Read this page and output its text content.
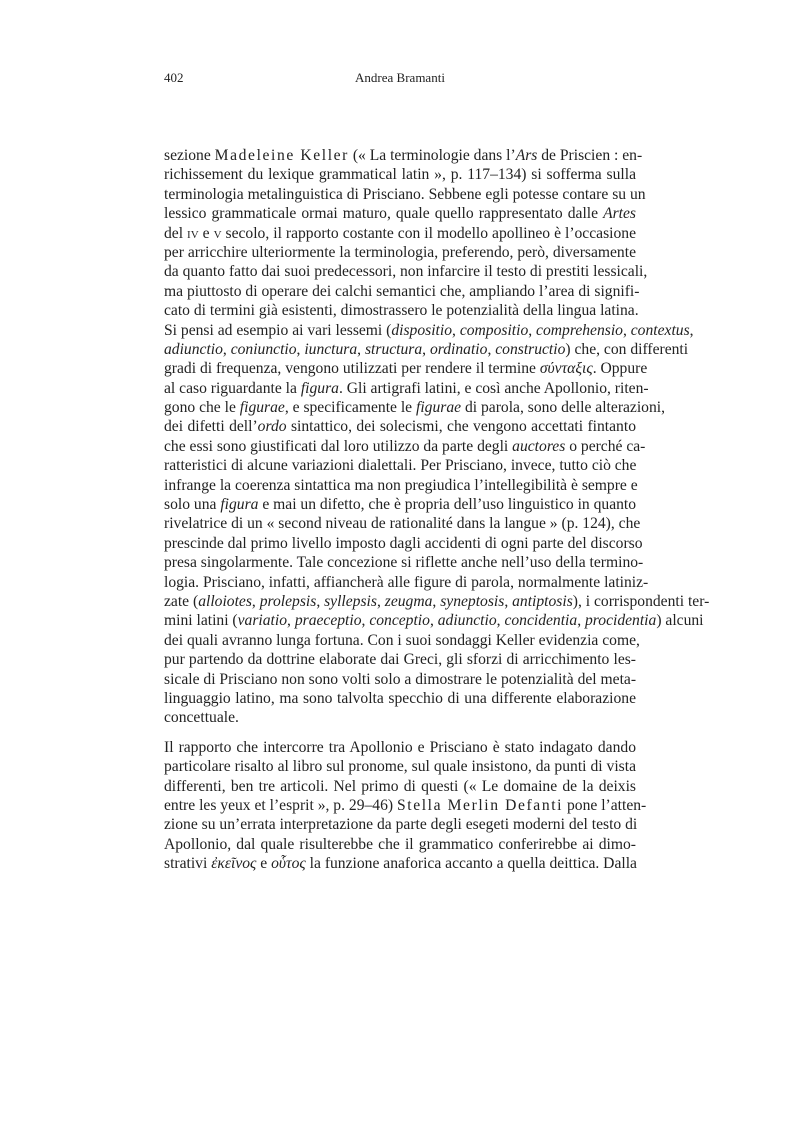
402	Andrea Bramanti
sezione Madeleine Keller (« La terminologie dans l’Ars de Priscien : en-
richissement du lexique grammatical latin », p. 117–134) si sofferma sulla
terminologia metalinguistica di Prisciano. Sebbene egli potesse contare su un
lessico grammaticale ormai maturo, quale quello rappresentato dalle Artes
del iv e v secolo, il rapporto costante con il modello apollineo è l’occasione
per arricchire ulteriormente la terminologia, preferendo, però, diversamente
da quanto fatto dai suoi predecessori, non infarcire il testo di prestiti lessicali,
ma piuttosto di operare dei calchi semantici che, ampliando l’area di signifi-
cato di termini già esistenti, dimostrassero le potenzialità della lingua latina.
Si pensi ad esempio ai vari lessemi (dispositio, compositio, comprehensio, contextus,
adiunctio, coniunctio, iunctura, structura, ordinatio, constructio) che, con differenti
gradi di frequenza, vengono utilizzati per rendere il termine σύνταξις. Oppure
al caso riguardante la figura. Gli artigrafi latini, e così anche Apollonio, riten-
gono che le figurae, e specificamente le figurae di parola, sono delle alterazioni,
dei difetti dell’ordo sintattico, dei solecismi, che vengono accettati fintanto
che essi sono giustificati dal loro utilizzo da parte degli auctores o perché ca-
ratteristici di alcune variazioni dialettali. Per Prisciano, invece, tutto ciò che
infrange la coerenza sintattica ma non pregiudica l’intellegibilità è sempre e
solo una figura e mai un difetto, che è propria dell’uso linguistico in quanto
rivelatrice di un « second niveau de rationalité dans la langue » (p. 124), che
prescinde dal primo livello imposto dagli accidenti di ogni parte del discorso
presa singolarmente. Tale concezione si riflette anche nell’uso della termino-
logia. Prisciano, infatti, affiancherà alle figure di parola, normalmente latiniz-
zate (alloiotes, prolepsis, syllepsis, zeugma, syneptosis, antiptosis), i corrispondenti ter-
mini latini (variatio, praeceptio, conceptio, adiunctio, concidentia, procidentia) alcuni
dei quali avranno lunga fortuna. Con i suoi sondaggi Keller evidenzia come,
pur partendo da dottrine elaborate dai Greci, gli sforzi di arricchimento les-
sicale di Prisciano non sono volti solo a dimostrare le potenzialità del meta-
linguaggio latino, ma sono talvolta specchio di una differente elaborazione
concettuale.
Il rapporto che intercorre tra Apollonio e Prisciano è stato indagato dando
particolare risalto al libro sul pronome, sul quale insistono, da punti di vista
differenti, ben tre articoli. Nel primo di questi (« Le domaine de la deixis
entre les yeux et l’esprit », p. 29–46) Stella Merlin Defanti pone l’atten-
zione su un’errata interpretazione da parte degli esegeti moderni del testo di
Apollonio, dal quale risulterebbe che il grammatico conferirebbe ai dimo-
strativi ἐκεῖνος e οὗτος la funzione anaforica accanto a quella deittica. Dalla
